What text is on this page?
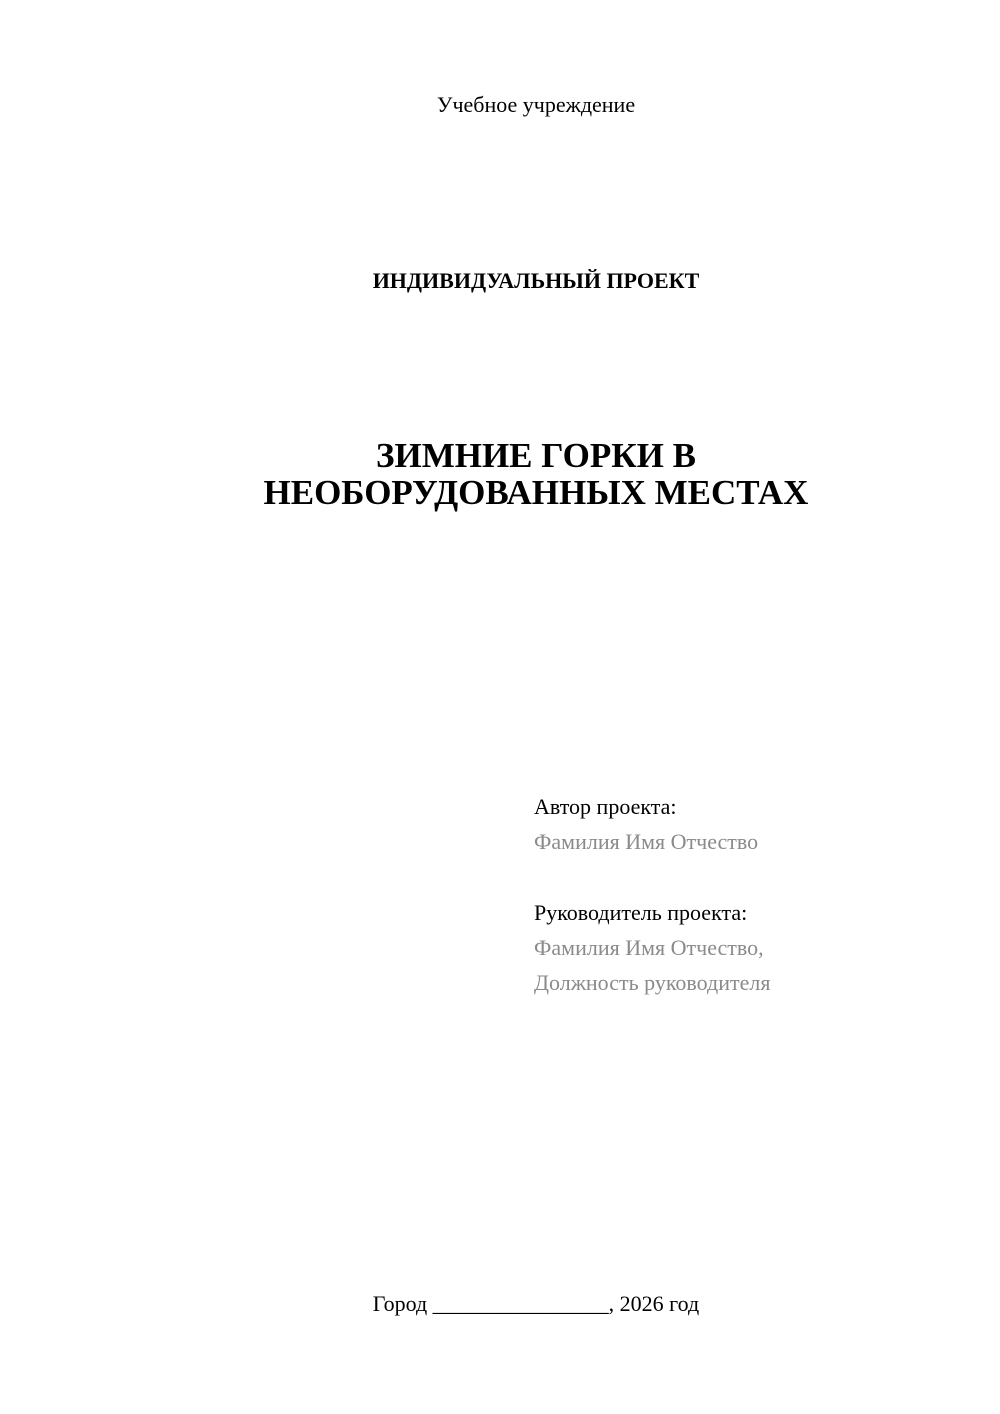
Учебное учреждение
ИНДИВИДУАЛЬНЫЙ ПРОЕКТ
ЗИМНИЕ ГОРКИ В
НЕОБОРУДОВАННЫХ МЕСТАХ
Автор проекта:
Фамилия Имя Отчество
Руководитель проекта:
Фамилия Имя Отчество,
Должность руководителя
Город ________________, 2026 год
